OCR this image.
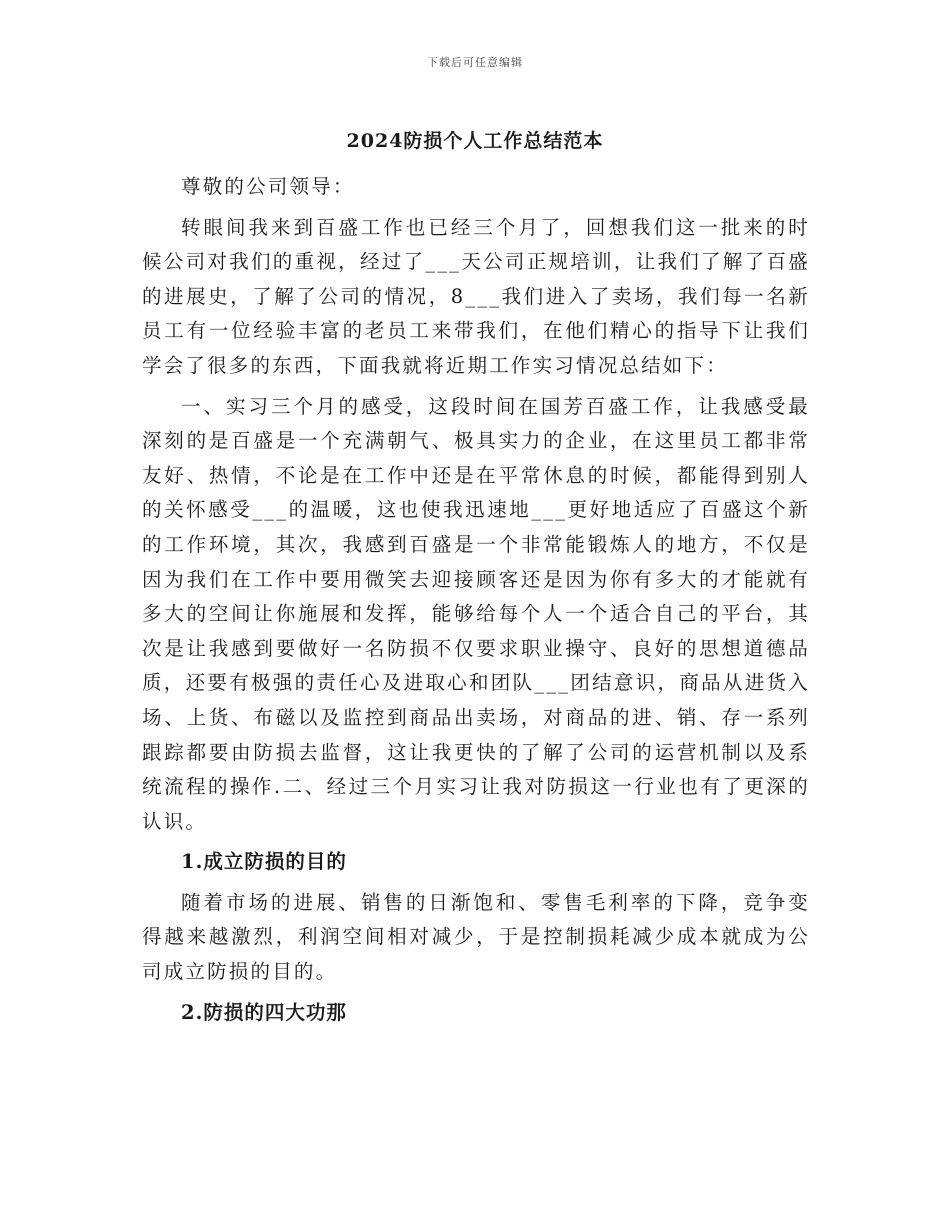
下载后可任意编辑
2024防损个人工作总结范本

尊敬的公司领导：

转眼间我来到百盛工作也已经三个月了，回想我们这一批来的时候公司对我们的重视，经过了___天公司正规培训，让我们了解了百盛的进展史，了解了公司的情况，8___我们进入了卖场，我们每一名新员工有一位经验丰富的老员工来带我们，在他们精心的指导下让我们学会了很多的东西，下面我就将近期工作实习情况总结如下：

一、实习三个月的感受，这段时间在国芳百盛工作，让我感受最深刻的是百盛是一个充满朝气、极具实力的企业，在这里员工都非常友好、热情，不论是在工作中还是在平常休息的时候，都能得到别人的关怀感受___的温暖，这也使我迅速地___更好地适应了百盛这个新的工作环境，其次，我感到百盛是一个非常能锻炼人的地方，不仅是因为我们在工作中要用微笑去迎接顾客还是因为你有多大的才能就有多大的空间让你施展和发挥，能够给每个人一个适合自己的平台，其次是让我感到要做好一名防损不仅要求职业操守、良好的思想道德品质，还要有极强的责任心及进取心和团队___团结意识，商品从进货入场、上货、布磁以及监控到商品出卖场，对商品的进、销、存一系列跟踪都要由防损去监督，这让我更快的了解了公司的运营机制以及系统流程的操作.二、经过三个月实习让我对防损这一行业也有了更深的认识。

1.成立防损的目的

随着市场的进展、销售的日渐饱和、零售毛利率的下降，竞争变得越来越激烈，利润空间相对减少，于是控制损耗减少成本就成为公司成立防损的目的。

2.防损的四大功那
